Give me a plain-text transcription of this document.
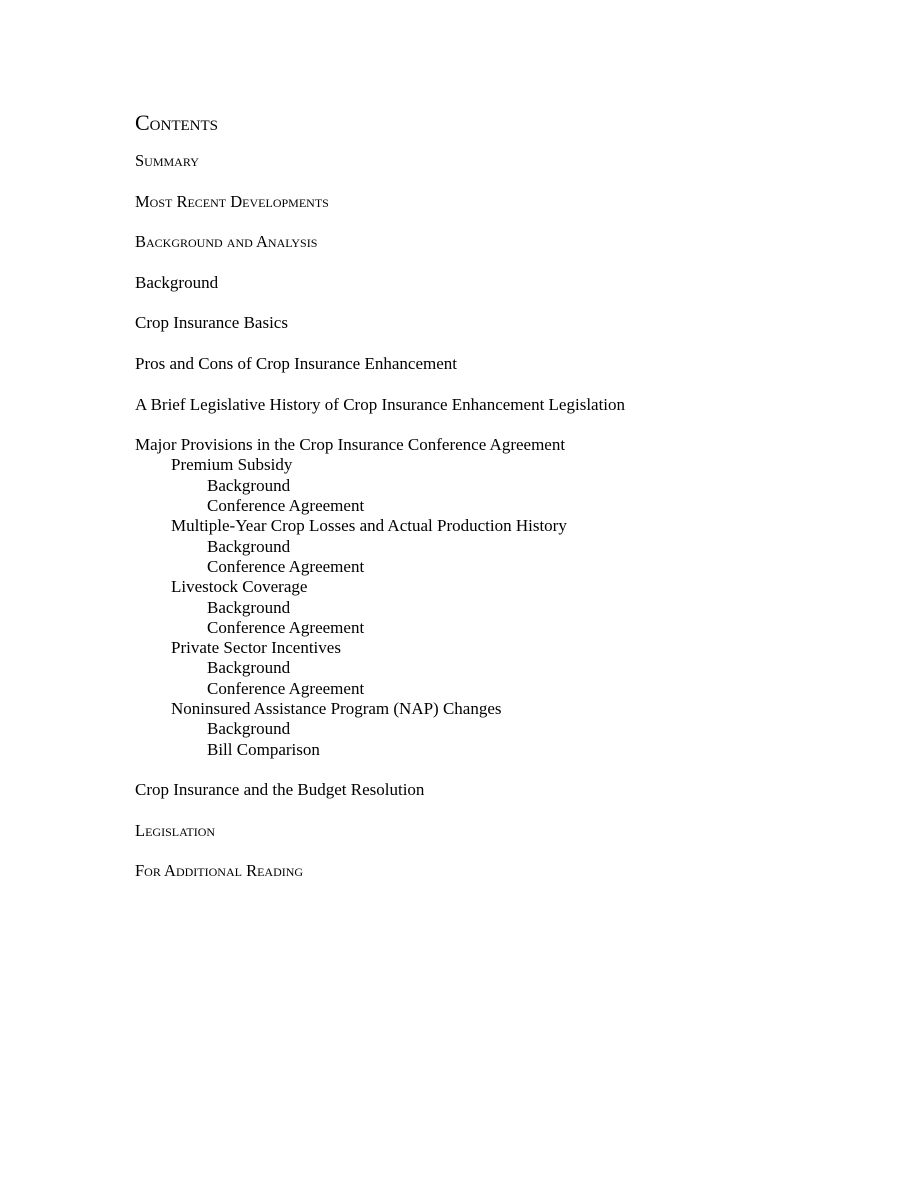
Contents
Summary
Most Recent Developments
Background and Analysis
Background
Crop Insurance Basics
Pros and Cons of Crop Insurance Enhancement
A Brief Legislative History of Crop Insurance Enhancement Legislation
Major Provisions in the Crop Insurance Conference Agreement
Premium Subsidy
Background
Conference Agreement
Multiple-Year Crop Losses and Actual Production History
Background
Conference Agreement
Livestock Coverage
Background
Conference Agreement
Private Sector Incentives
Background
Conference Agreement
Noninsured Assistance Program (NAP) Changes
Background
Bill Comparison
Crop Insurance and the Budget Resolution
Legislation
For Additional Reading
